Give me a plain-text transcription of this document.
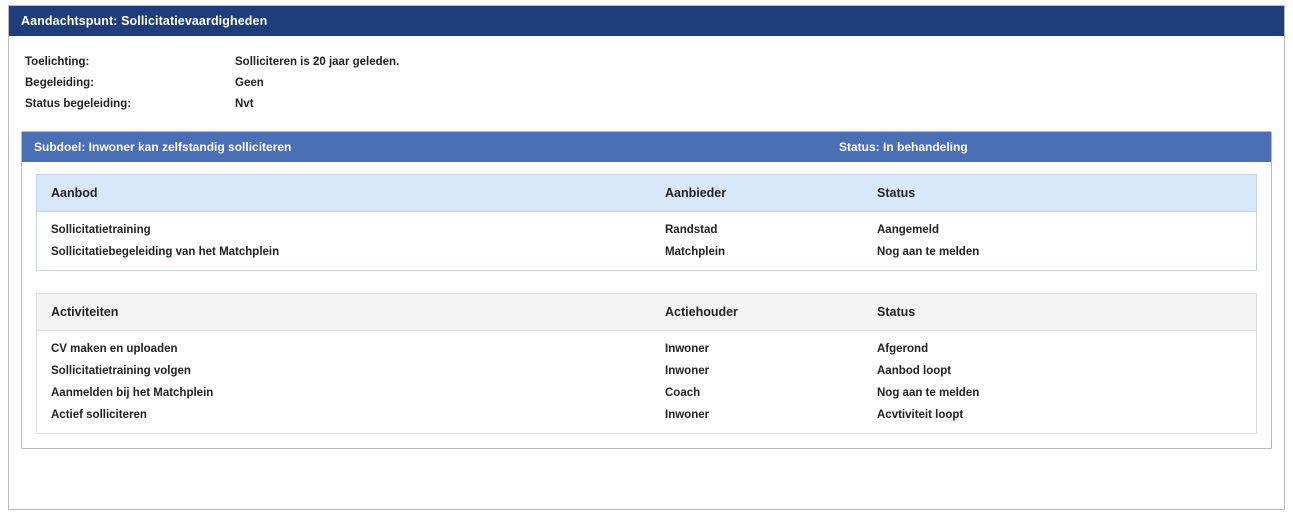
Aandachtspunt: Sollicitatievaardigheden
Toelichting:	Solliciteren is 20 jaar geleden.
Begeleiding:	Geen
Status begeleiding:	Nvt
Subdoel: Inwoner kan zelfstandig solliciteren	Status: In behandeling
Aanbod	Aanbieder	Status
Sollicitatietraining	Randstad	Aangemeld
Sollicitatiebegeleiding van het Matchplein	Matchplein	Nog aan te melden
Activiteiten	Actiehouder	Status
CV maken en uploaden	Inwoner	Afgerond
Sollicitatietraining volgen	Inwoner	Aanbod loopt
Aanmelden bij het Matchplein	Coach	Nog aan te melden
Actief solliciteren	Inwoner	Acvtiviteit loopt
